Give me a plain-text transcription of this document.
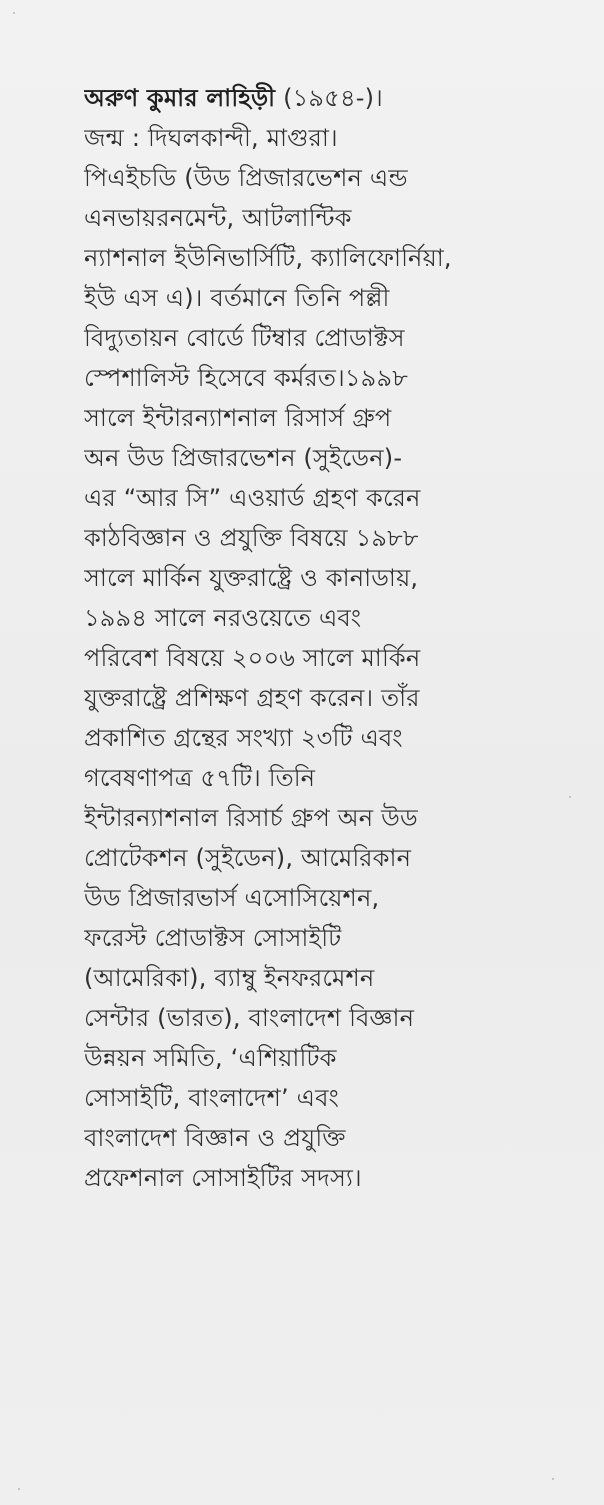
অরুণ কুমার লাহিড়ী (১৯৫৪-)।
জন্ম : দিঘলকান্দী, মাগুরা।
পিএইচডি (উড প্রিজারভেশন এন্ড
এনভায়রনমেন্ট, আটলান্টিক
ন্যাশনাল ইউনিভার্সিটি, ক্যালিফোর্নিয়া,
ইউ এস এ)। বর্তমানে তিনি পল্লী
বিদ্যুতায়ন বোর্ডে টিম্বার প্রোডাক্টস
স্পেশালিস্ট হিসেবে কর্মরত।১৯৯৮
সালে ইন্টারন্যাশনাল রিসার্স গ্রুপ
অন উড প্রিজারভেশন (সুইডেন)-
এর “আর সি” এওয়ার্ড গ্রহণ করেন
কাঠবিজ্ঞান ও প্রযুক্তি বিষয়ে ১৯৮৮
সালে মার্কিন যুক্তরাষ্ট্রে ও কানাডায়,
১৯৯৪ সালে নরওয়েতে এবং
পরিবেশ বিষয়ে ২০০৬ সালে মার্কিন
যুক্তরাষ্ট্রে প্রশিক্ষণ গ্রহণ করেন। তাঁর
প্রকাশিত গ্রন্থের সংখ্যা ২৩টি এবং
গবেষণাপত্র ৫৭টি। তিনি
ইন্টারন্যাশনাল রিসার্চ গ্রুপ অন উড
প্রোটেকশন (সুইডেন), আমেরিকান
উড প্রিজারভার্স এসোসিয়েশন,
ফরেস্ট প্রোডাক্টস সোসাইটি
(আমেরিকা), ব্যাম্বু ইনফরমেশন
সেন্টার (ভারত), বাংলাদেশ বিজ্ঞান
উন্নয়ন সমিতি, ‘এশিয়াটিক
সোসাইটি, বাংলাদেশ’ এবং
বাংলাদেশ বিজ্ঞান ও প্রযুক্তি
প্রফেশনাল সোসাইটির সদস্য।
